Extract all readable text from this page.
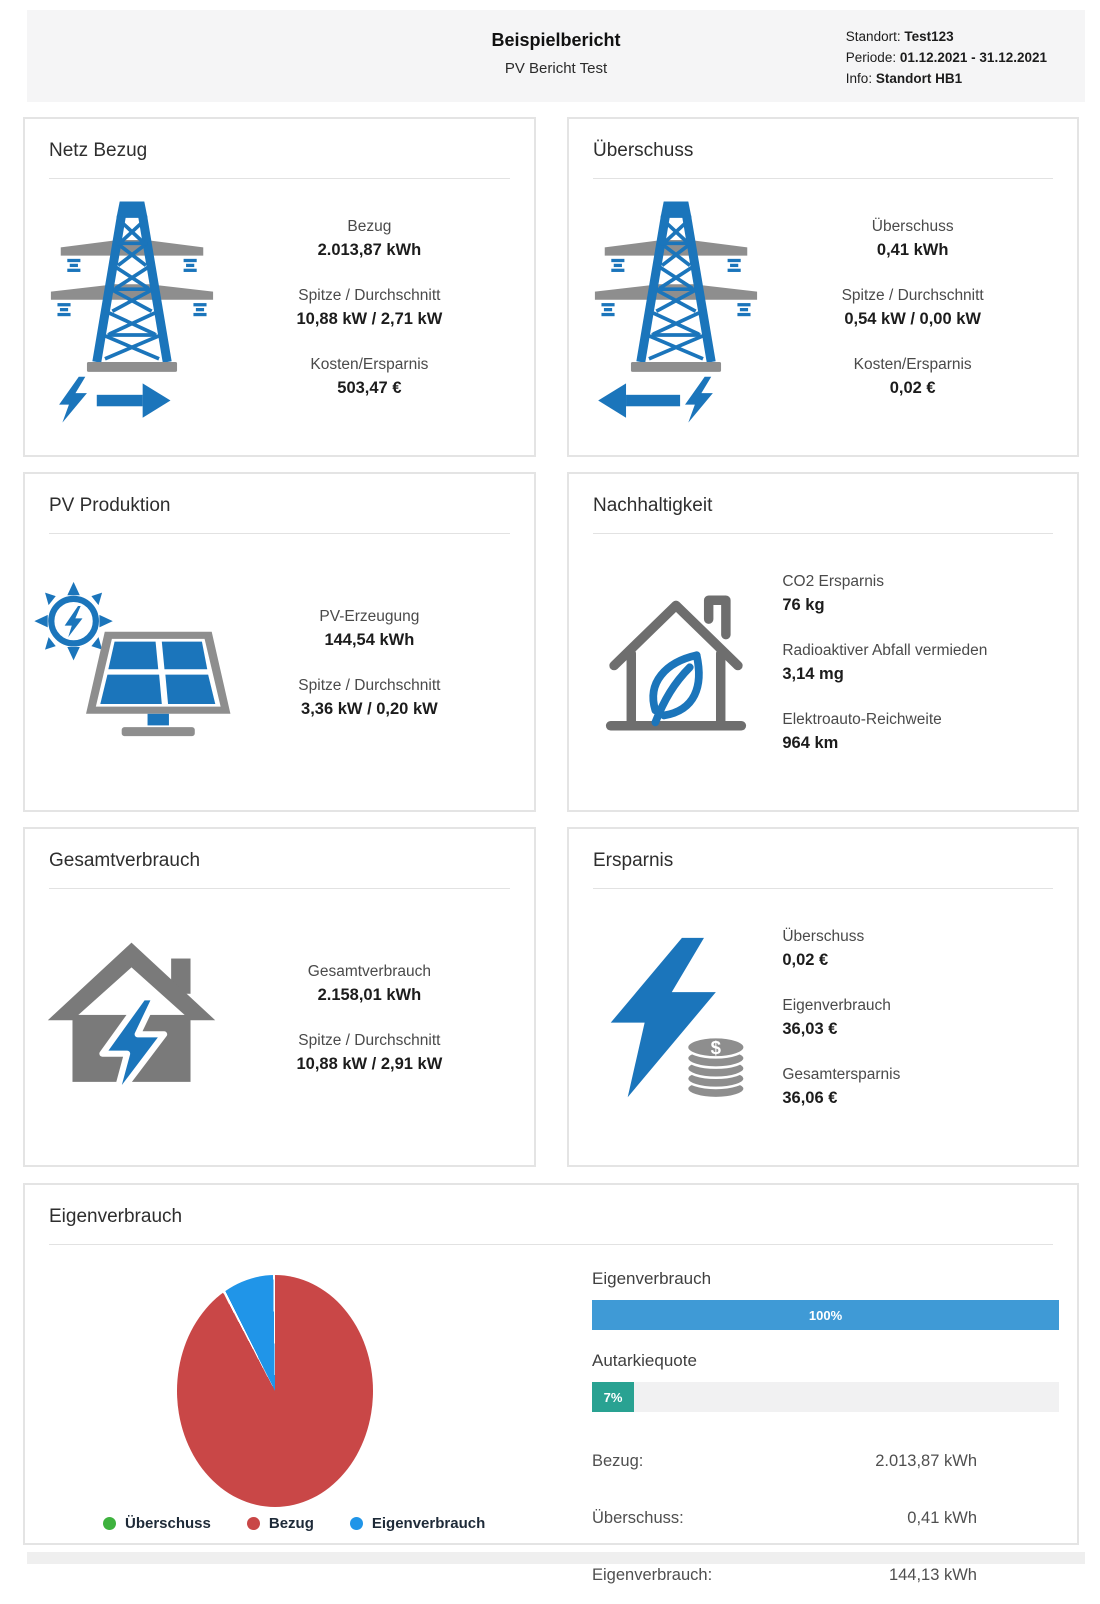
Beispielbericht
PV Bericht Test
Standort: Test123
Periode: 01.12.2021 - 31.12.2021
Info: Standort HB1
Netz Bezug
Bezug
2.013,87 kWh
Spitze / Durchschnitt
10,88 kW / 2,71 kW
Kosten/Ersparnis
503,47 €
Überschuss
Überschuss
0,41 kWh
Spitze / Durchschnitt
0,54 kW / 0,00 kW
Kosten/Ersparnis
0,02 €
PV Produktion
PV-Erzeugung
144,54 kWh
Spitze / Durchschnitt
3,36 kW / 0,20 kW
Nachhaltigkeit
CO2 Ersparnis
76 kg
Radioaktiver Abfall vermieden
3,14 mg
Elektroauto-Reichweite
964 km
Gesamtverbrauch
Gesamtverbrauch
2.158,01 kWh
Spitze / Durchschnitt
10,88 kW / 2,91 kW
Ersparnis
$
Überschuss
0,02 €
Eigenverbrauch
36,03 €
Gesamtersparnis
36,06 €
Eigenverbrauch
Überschuss	Bezug	Eigenverbrauch
Eigenverbrauch
100%
Autarkiequote
7%
Bezug:	2.013,87 kWh
Überschuss:	0,41 kWh
Eigenverbrauch:	144,13 kWh
